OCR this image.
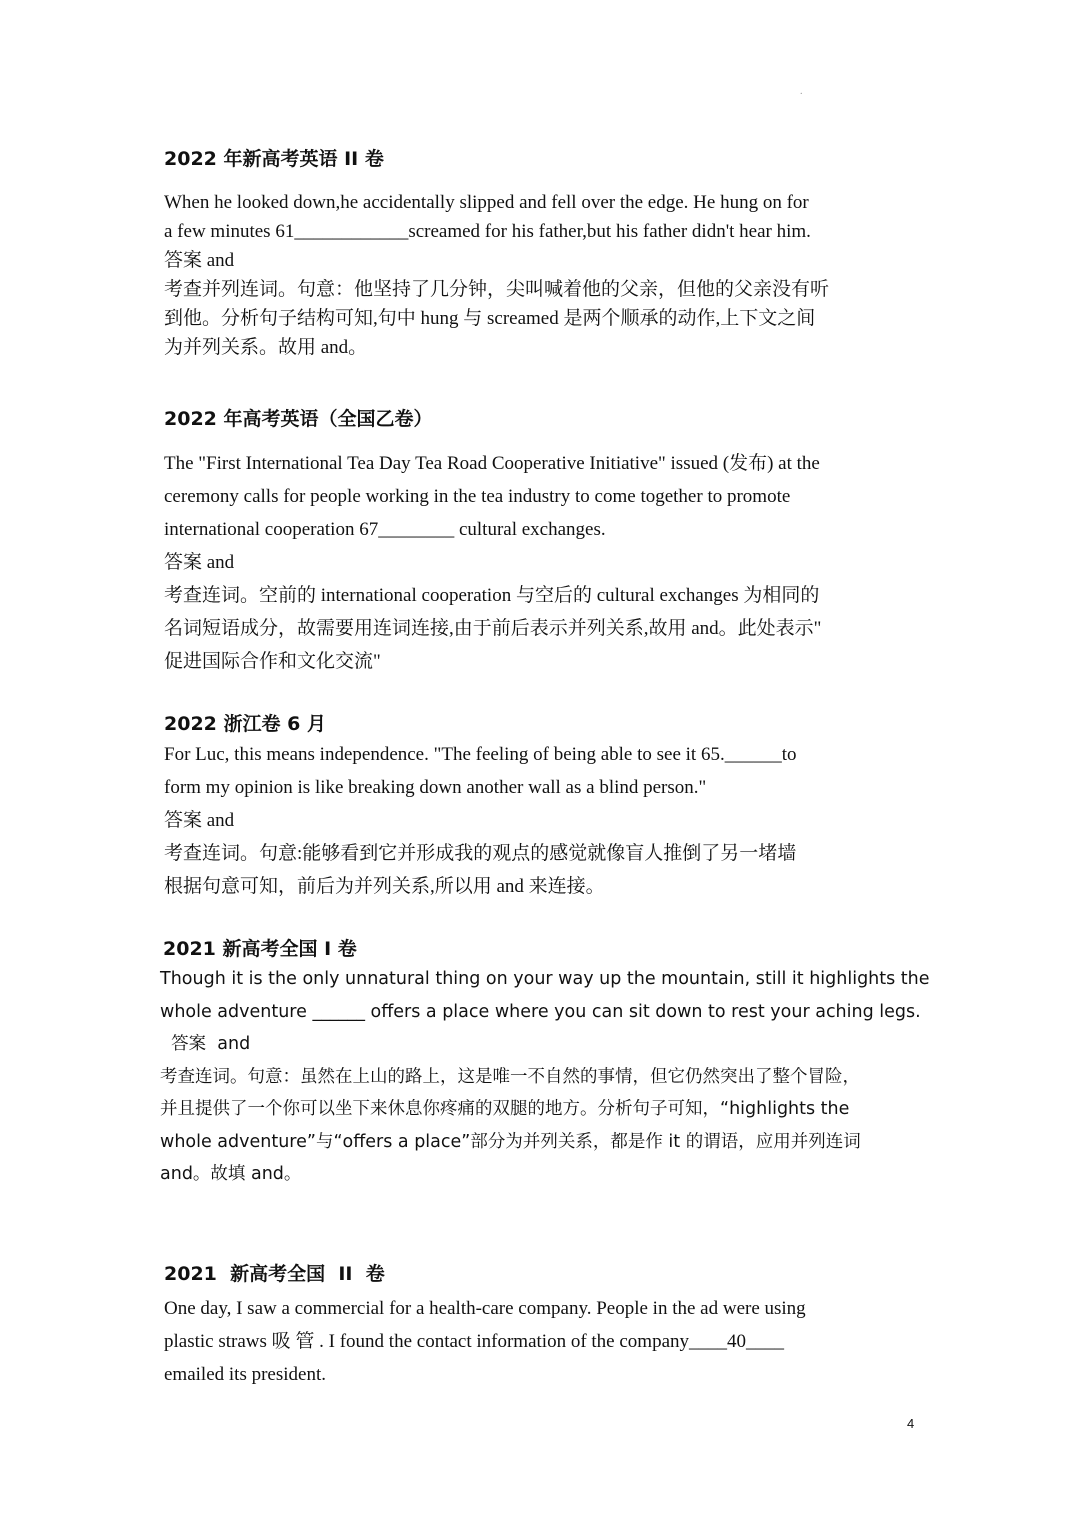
.

2022 年新高考英语 II 卷

When he looked down,he accidentally slipped and fell over the edge. He hung on for

a few minutes 61____________screamed for his father,but his father didn't hear him.

答案 and

考查并列连词。句意：他坚持了几分钟，尖叫喊着他的父亲，但他的父亲没有听

到他。分析句子结构可知,句中 hung 与 screamed 是两个顺承的动作,上下文之间

为并列关系。故用 and。

2022 年高考英语（全国乙卷）

The "First International Tea Day Tea Road Cooperative Initiative" issued (发布) at the

ceremony calls for people working in the tea industry to come together to promote

international cooperation 67________ cultural exchanges.

答案 and

考查连词。空前的 international cooperation 与空后的 cultural exchanges 为相同的

名词短语成分，故需要用连词连接,由于前后表示并列关系,故用 and。此处表示"

促进国际合作和文化交流"

2022 浙江卷 6 月

For Luc, this means independence. "The feeling of being able to see it 65.______to

form my opinion is like breaking down another wall as a blind person."

答案 and

考查连词。句意:能够看到它并形成我的观点的感觉就像盲人推倒了另一堵墙

根据句意可知，前后为并列关系,所以用 and 来连接。

2021 新高考全国 I 卷

Though it is the only unnatural thing on your way up the mountain, still it highlights the

whole adventure ______ offers a place where you can sit down to rest your aching legs.

答案  and

考查连词。句意：虽然在上山的路上，这是唯一不自然的事情，但它仍然突出了整个冒险，

并且提供了一个你可以坐下来休息你疼痛的双腿的地方。分析句子可知，“highlights the

whole adventure”与“offers a place”部分为并列关系，都是作 it 的谓语，应用并列连词

and。故填 and。

2021  新高考全国  II  卷

One day, I saw a commercial for a health-care company. People in the ad were using

plastic straws 吸 管 . I found the contact information of the company____40____

emailed its president.

4
